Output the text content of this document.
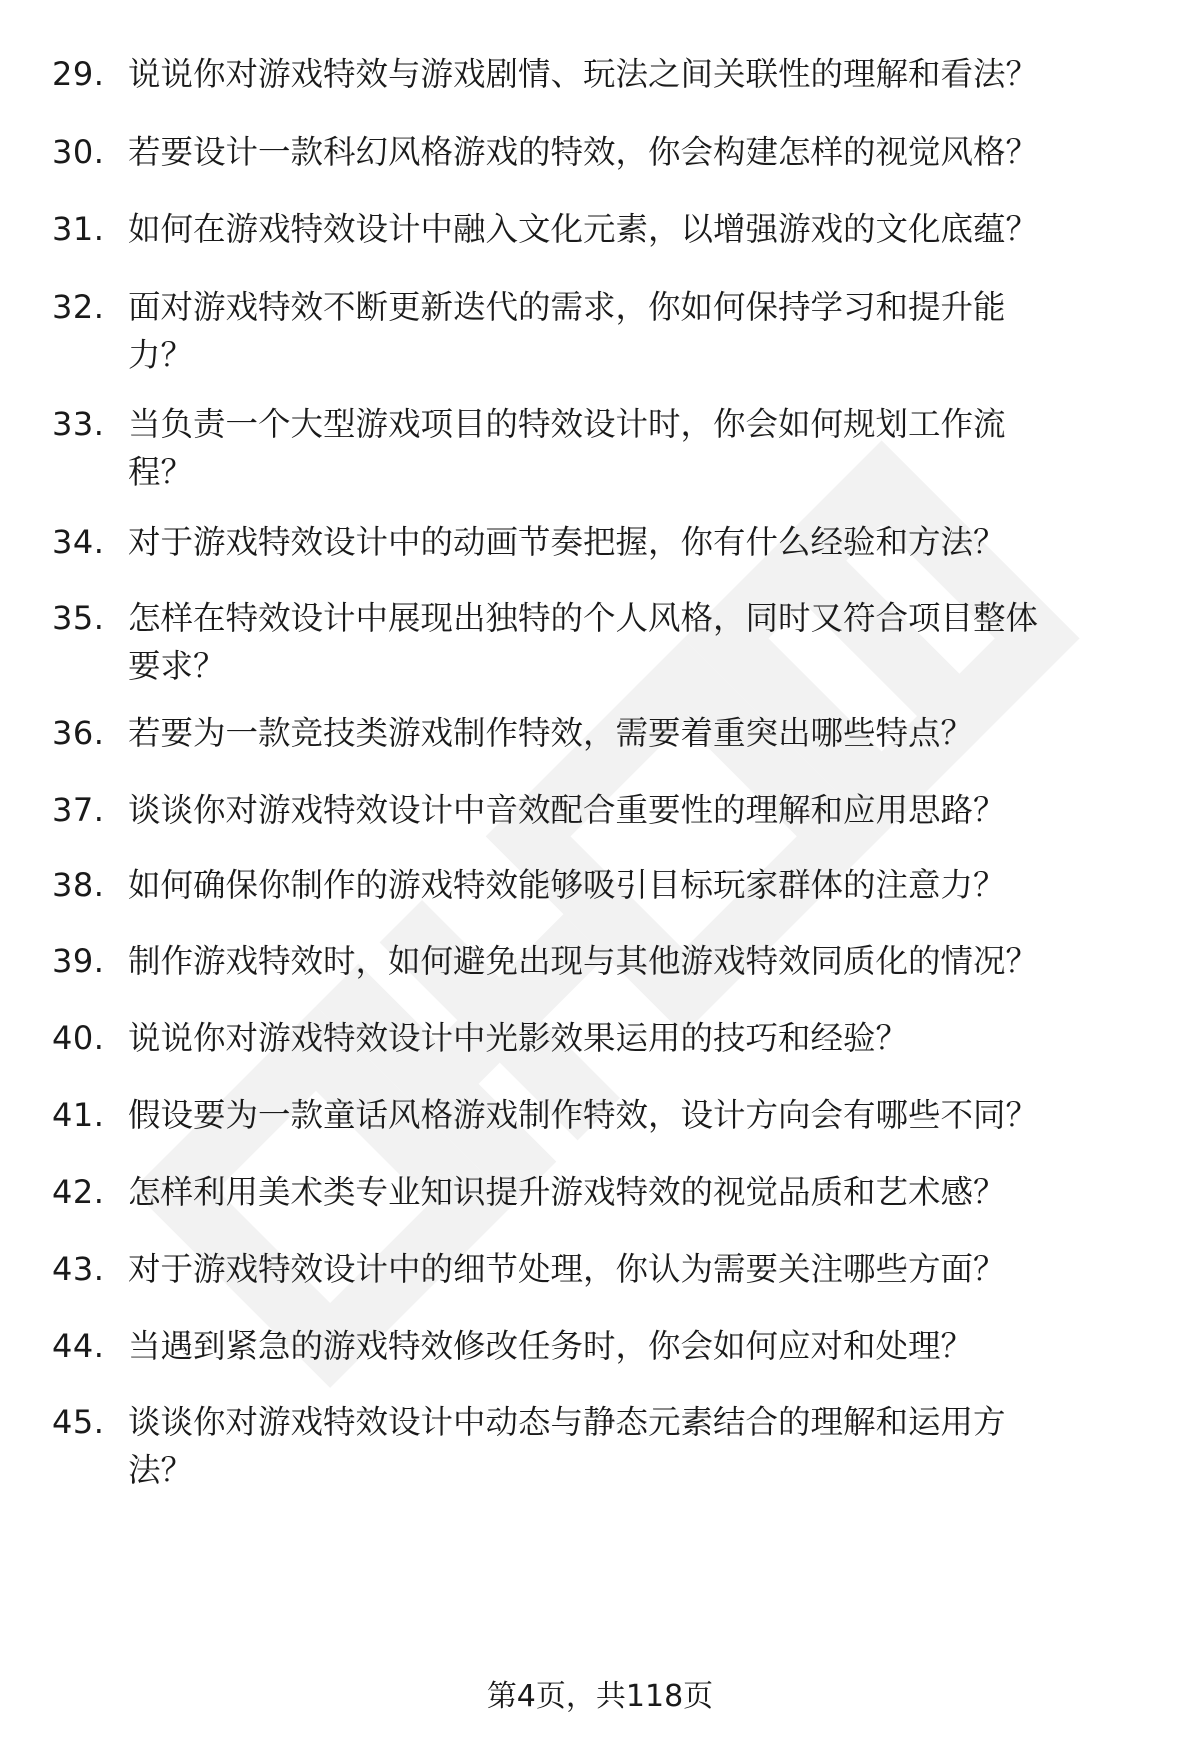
29. 说说你对游戏特效与游戏剧情、玩法之间关联性的理解和看法？
30. 若要设计一款科幻风格游戏的特效，你会构建怎样的视觉风格？
31. 如何在游戏特效设计中融入文化元素，以增强游戏的文化底蕴？
32. 面对游戏特效不断更新迭代的需求，你如何保持学习和提升能
力？
33. 当负责一个大型游戏项目的特效设计时，你会如何规划工作流
程？
34. 对于游戏特效设计中的动画节奏把握，你有什么经验和方法？
35. 怎样在特效设计中展现出独特的个人风格，同时又符合项目整体
要求？
36. 若要为一款竞技类游戏制作特效，需要着重突出哪些特点？
37. 谈谈你对游戏特效设计中音效配合重要性的理解和应用思路？
38. 如何确保你制作的游戏特效能够吸引目标玩家群体的注意力？
39. 制作游戏特效时，如何避免出现与其他游戏特效同质化的情况？
40. 说说你对游戏特效设计中光影效果运用的技巧和经验？
41. 假设要为一款童话风格游戏制作特效，设计方向会有哪些不同？
42. 怎样利用美术类专业知识提升游戏特效的视觉品质和艺术感？
43. 对于游戏特效设计中的细节处理，你认为需要关注哪些方面？
44. 当遇到紧急的游戏特效修改任务时，你会如何应对和处理？
45. 谈谈你对游戏特效设计中动态与静态元素结合的理解和运用方
法？
第4页，共118页
